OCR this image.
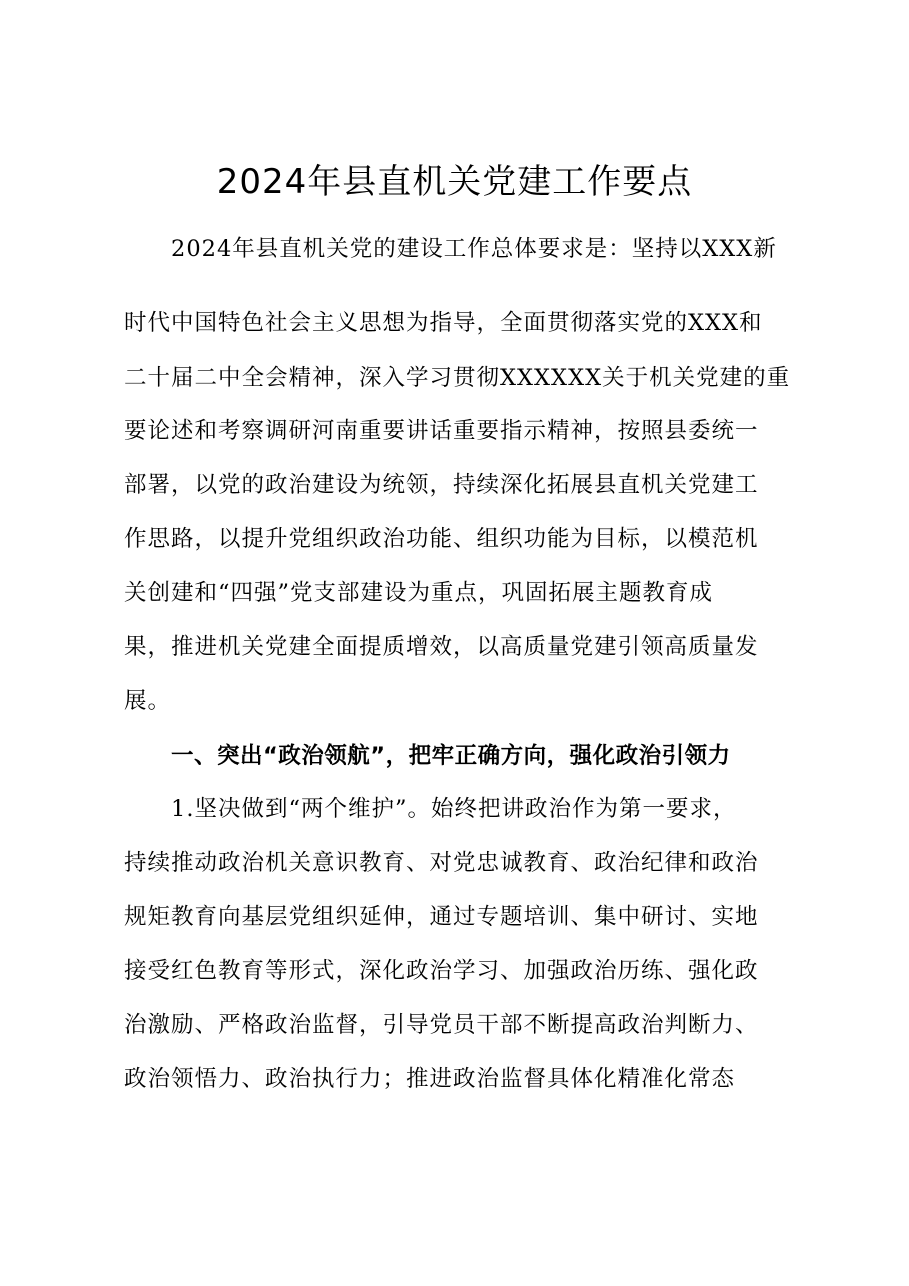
2024年县直机关党建工作要点
2024年县直机关党的建设工作总体要求是：坚持以XXX新
时代中国特色社会主义思想为指导，全面贯彻落实党的XXX和
二十届二中全会精神，深入学习贯彻XXXXXX关于机关党建的重
要论述和考察调研河南重要讲话重要指示精神，按照县委统一
部署，以党的政治建设为统领，持续深化拓展县直机关党建工
作思路，以提升党组织政治功能、组织功能为目标，以模范机
关创建和“四强”党支部建设为重点，巩固拓展主题教育成
果，推进机关党建全面提质增效，以高质量党建引领高质量发
展。
一、突出“政治领航”，把牢正确方向，强化政治引领力
1.坚决做到“两个维护”。始终把讲政治作为第一要求，
持续推动政治机关意识教育、对党忠诚教育、政治纪律和政治
规矩教育向基层党组织延伸，通过专题培训、集中研讨、实地
接受红色教育等形式，深化政治学习、加强政治历练、强化政
治激励、严格政治监督，引导党员干部不断提高政治判断力、
政治领悟力、政治执行力；推进政治监督具体化精准化常态
